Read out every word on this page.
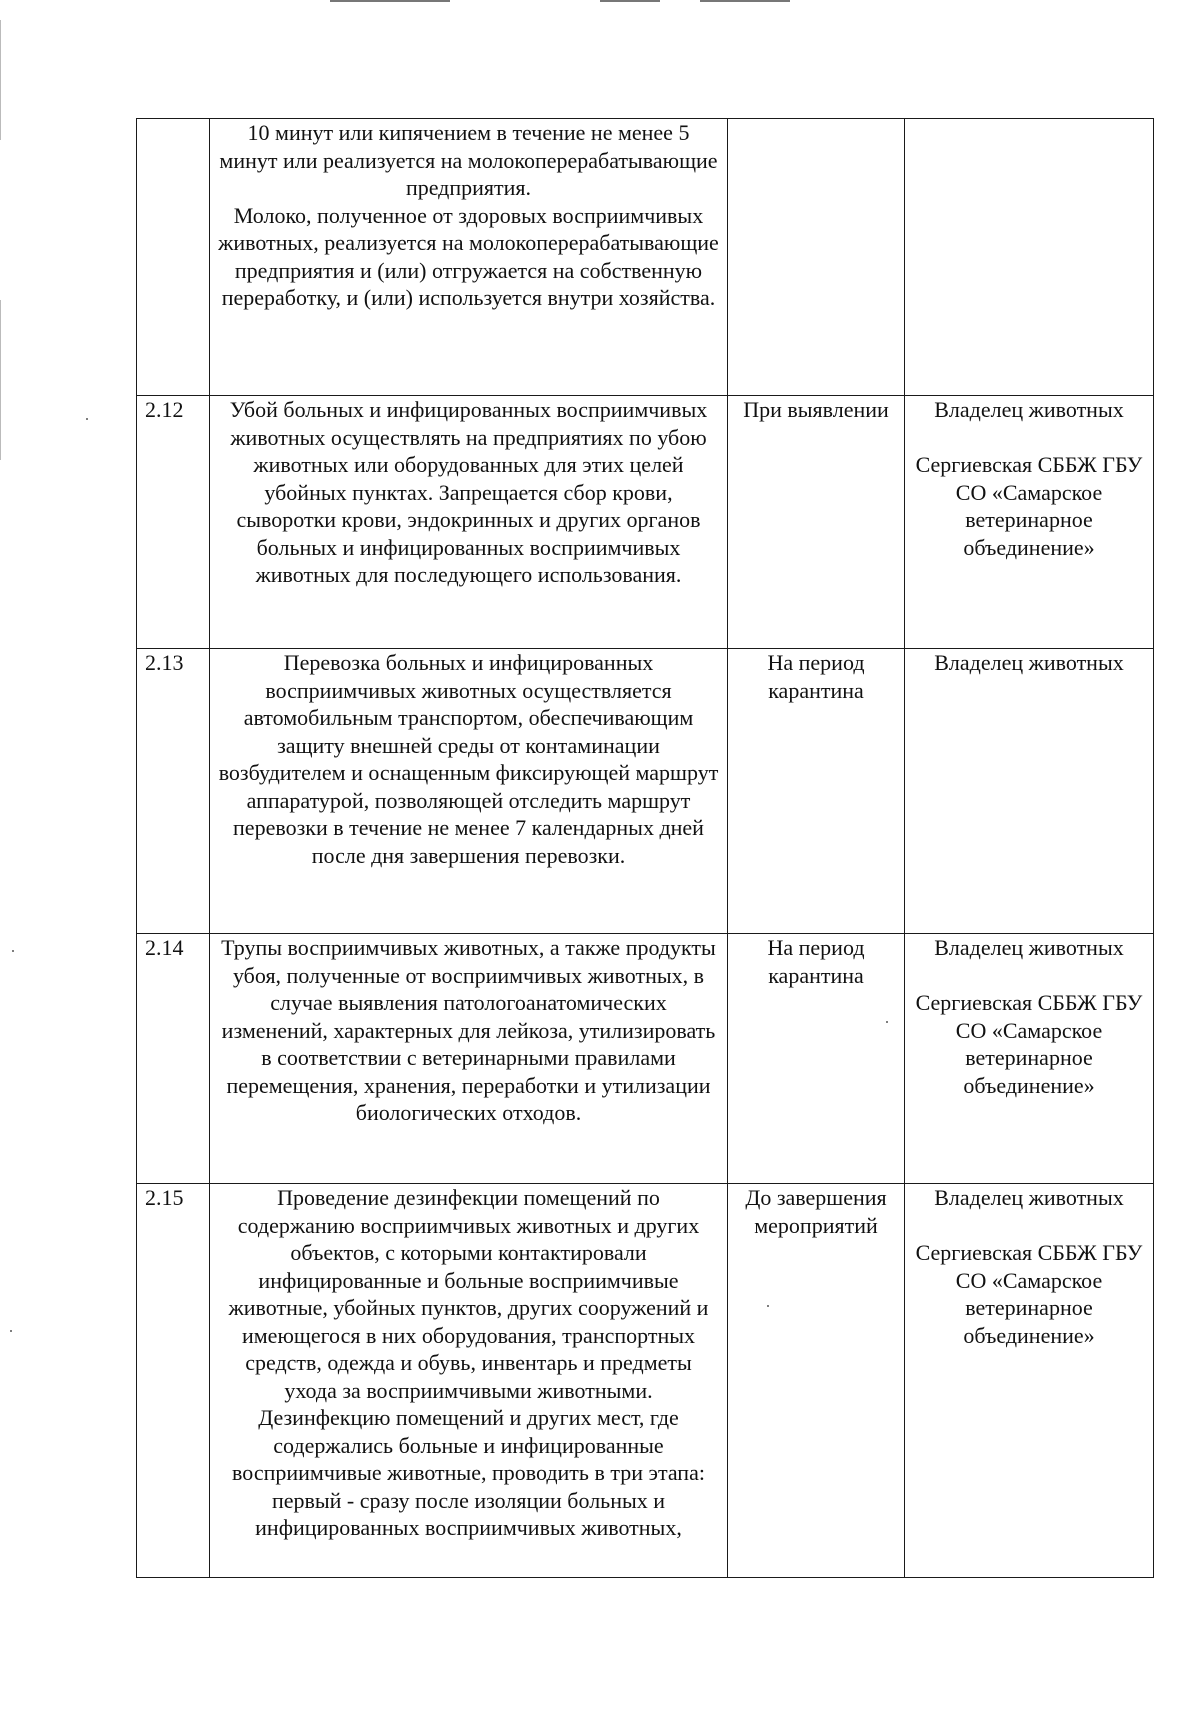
	10 минут или кипячением в течение не менее 5 минут или реализуется на молокоперерабатывающие предприятия.
Молоко, полученное от здоровых восприимчивых животных, реализуется на молокоперерабатывающие предприятия и (или) отгружается на собственную переработку, и (или) используется внутри хозяйства.		

2.12	Убой больных и инфицированных восприимчивых животных осуществлять на предприятиях по убою животных или оборудованных для этих целей убойных пунктах. Запрещается сбор крови, сыворотки крови, эндокринных и других органов больных и инфицированных восприимчивых животных для последующего использования.	При выявлении	Владелец животных
Сергиевская СББЖ ГБУ СО «Самарское ветеринарное объединение»

2.13	Перевозка больных и инфицированных восприимчивых животных осуществляется автомобильным транспортом, обеспечивающим защиту внешней среды от контаминации возбудителем и оснащенным фиксирующей маршрут аппаратурой, позволяющей отследить маршрут перевозки в течение не менее 7 календарных дней после дня завершения перевозки.	На период карантина	Владелец животных

2.14	Трупы восприимчивых животных, а также продукты убоя, полученные от восприимчивых животных, в случае выявления патологоанатомических изменений, характерных для лейкоза, утилизировать в соответствии с ветеринарными правилами перемещения, хранения, переработки и утилизации биологических отходов.	На период карантина	Владелец животных
Сергиевская СББЖ ГБУ СО «Самарское ветеринарное объединение»

2.15	Проведение дезинфекции помещений по содержанию восприимчивых животных и других объектов, с которыми контактировали инфицированные и больные восприимчивые животные, убойных пунктов, других сооружений и имеющегося в них оборудования, транспортных средств, одежда и обувь, инвентарь и предметы ухода за восприимчивыми животными.
Дезинфекцию помещений и других мест, где содержались больные и инфицированные восприимчивые животные, проводить в три этапа: первый - сразу после изоляции больных и инфицированных восприимчивых животных,	До завершения мероприятий	Владелец животных
Сергиевская СББЖ ГБУ СО «Самарское ветеринарное объединение»
